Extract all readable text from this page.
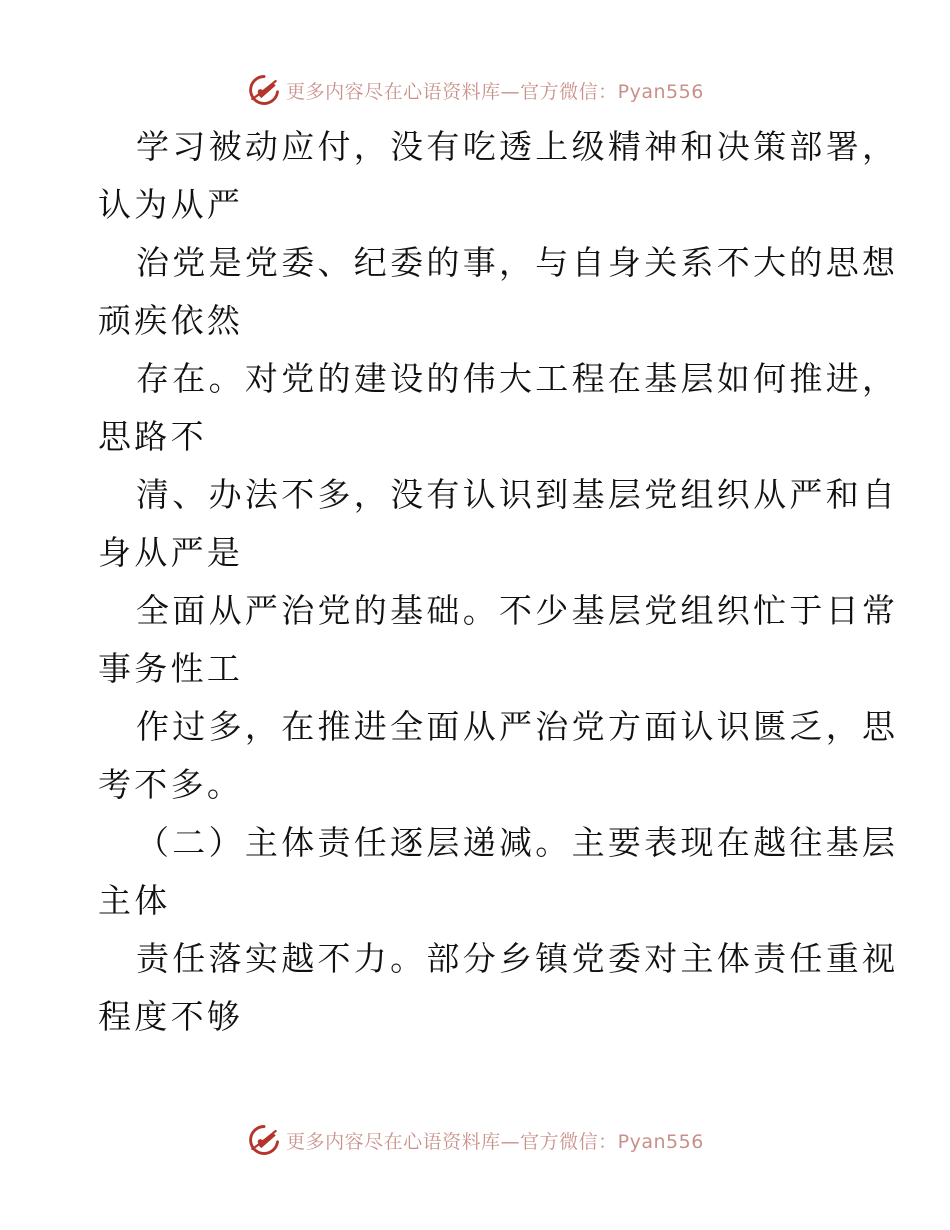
更多内容尽在心语资料库—官方微信：Pyan556

学习被动应付，没有吃透上级精神和决策部署，
认为从严

治党是党委、纪委的事，与自身关系不大的思想
顽疾依然

存在。对党的建设的伟大工程在基层如何推进，
思路不

清、办法不多，没有认识到基层党组织从严和自
身从严是

全面从严治党的基础。不少基层党组织忙于日常
事务性工

作过多，在推进全面从严治党方面认识匮乏，思
考不多。

（二）主体责任逐层递减。主要表现在越往基层
主体

责任落实越不力。部分乡镇党委对主体责任重视
程度不够

更多内容尽在心语资料库—官方微信：Pyan556
